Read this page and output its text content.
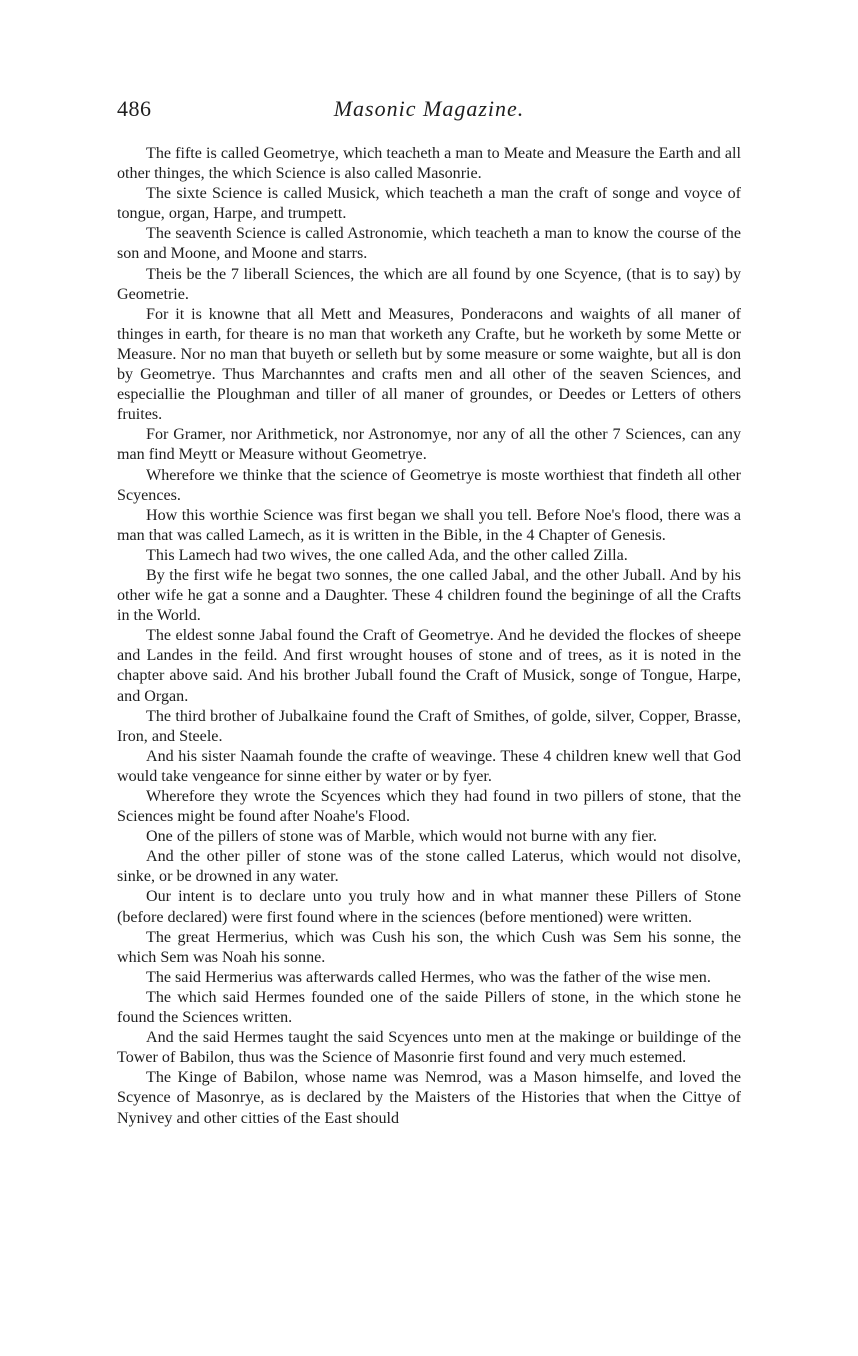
486	Masonic Magazine.

The fifte is called Geometrye, which teacheth a man to Meate and Measure the Earth and all other thinges, the which Science is also called Masonrie.

The sixte Science is called Musick, which teacheth a man the craft of songe and voyce of tongue, organ, Harpe, and trumpett.

The seaventh Science is called Astronomie, which teacheth a man to know the course of the son and Moone, and Moone and starrs.

Theis be the 7 liberall Sciences, the which are all found by one Scyence, (that is to say) by Geometrie.

For it is knowne that all Mett and Measures, Ponderacons and waights of all maner of thinges in earth, for theare is no man that worketh any Crafte, but he worketh by some Mette or Measure. Nor no man that buyeth or selleth but by some measure or some waighte, but all is don by Geometrye. Thus Marchanntes and crafts men and all other of the seaven Sciences, and especiallie the Ploughman and tiller of all maner of groundes, or Deedes or Letters of others fruites.

For Gramer, nor Arithmetick, nor Astronomye, nor any of all the other 7 Sciences, can any man find Meytt or Measure without Geometrye.

Wherefore we thinke that the science of Geometrye is moste worthiest that findeth all other Scyences.

How this worthie Science was first began we shall you tell. Before Noe's flood, there was a man that was called Lamech, as it is written in the Bible, in the 4 Chapter of Genesis.

This Lamech had two wives, the one called Ada, and the other called Zilla.

By the first wife he begat two sonnes, the one called Jabal, and the other Juball. And by his other wife he gat a sonne and a Daughter. These 4 children found the begininge of all the Crafts in the World.

The eldest sonne Jabal found the Craft of Geometrye. And he devided the flockes of sheepe and Landes in the feild. And first wrought houses of stone and of trees, as it is noted in the chapter above said. And his brother Juball found the Craft of Musick, songe of Tongue, Harpe, and Organ.

The third brother of Jubalkaine found the Craft of Smithes, of golde, silver, Copper, Brasse, Iron, and Steele.

And his sister Naamah founde the crafte of weavinge. These 4 children knew well that God would take vengeance for sinne either by water or by fyer.

Wherefore they wrote the Scyences which they had found in two pillers of stone, that the Sciences might be found after Noahe's Flood.

One of the pillers of stone was of Marble, which would not burne with any fier.

And the other piller of stone was of the stone called Laterus, which would not disolve, sinke, or be drowned in any water.

Our intent is to declare unto you truly how and in what manner these Pillers of Stone (before declared) were first found where in the sciences (before mentioned) were written.

The great Hermerius, which was Cush his son, the which Cush was Sem his sonne, the which Sem was Noah his sonne.

The said Hermerius was afterwards called Hermes, who was the father of the wise men.

The which said Hermes founded one of the saide Pillers of stone, in the which stone he found the Sciences written.

And the said Hermes taught the said Scyences unto men at the makinge or buildinge of the Tower of Babilon, thus was the Science of Masonrie first found and very much estemed.

The Kinge of Babilon, whose name was Nemrod, was a Mason himselfe, and loved the Scyence of Masonrye, as is declared by the Maisters of the Histories that when the Cittye of Nynivey and other citties of the East should
